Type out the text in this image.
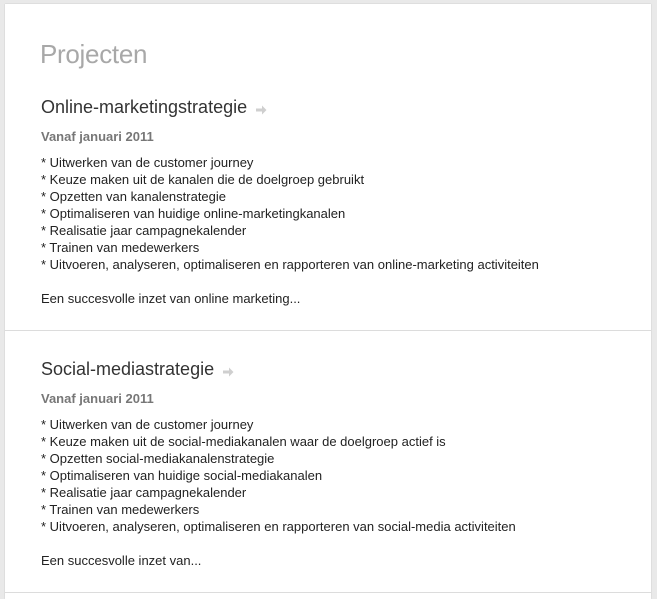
Projecten
Online-marketingstrategie
Vanaf januari 2011
* Uitwerken van de customer journey
* Keuze maken uit de kanalen die de doelgroep gebruikt
* Opzetten van kanalenstrategie
* Optimaliseren van huidige online-marketingkanalen
* Realisatie jaar campagnekalender
* Trainen van medewerkers
* Uitvoeren, analyseren, optimaliseren en rapporteren van online-marketing activiteiten
Een succesvolle inzet van online marketing...
Social-mediastrategie
Vanaf januari 2011
* Uitwerken van de customer journey
* Keuze maken uit de social-mediakanalen waar de doelgroep actief is
* Opzetten social-mediakanalenstrategie
* Optimaliseren van huidige social-mediakanalen
* Realisatie jaar campagnekalender
* Trainen van medewerkers
* Uitvoeren, analyseren, optimaliseren en rapporteren van social-media activiteiten
Een succesvolle inzet van...
